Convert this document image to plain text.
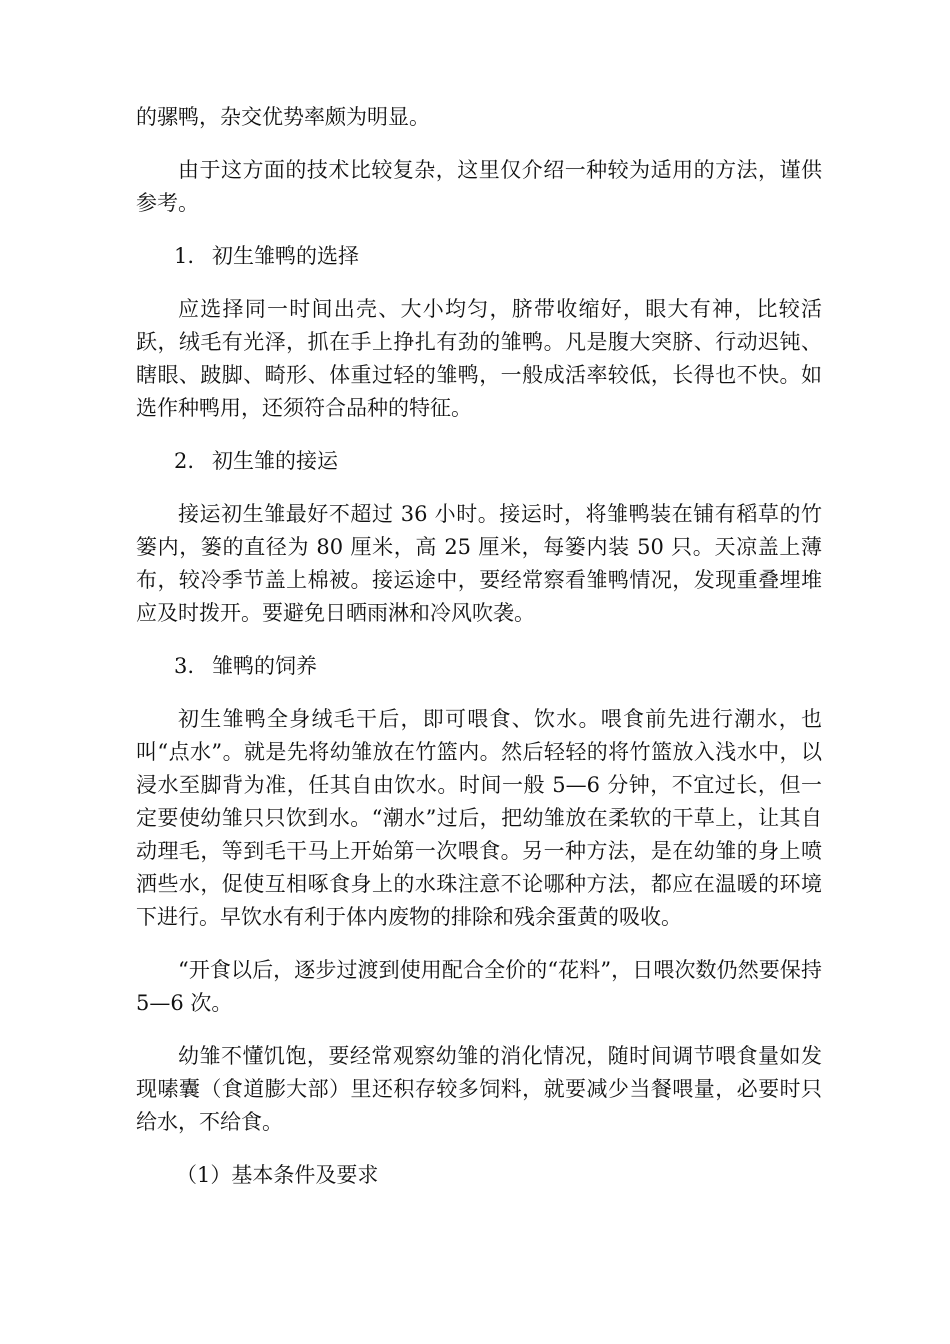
的骡鸭，杂交优势率颇为明显。

由于这方面的技术比较复杂，这里仅介绍一种较为适用的方法，谨供参考。

1. 初生雏鸭的选择

应选择同一时间出壳、大小均匀，脐带收缩好，眼大有神，比较活跃，绒毛有光泽，抓在手上挣扎有劲的雏鸭。凡是腹大突脐、行动迟钝、瞎眼、跛脚、畸形、体重过轻的雏鸭，一般成活率较低，长得也不快。如选作种鸭用，还须符合品种的特征。

2. 初生雏的接运

接运初生雏最好不超过 36 小时。接运时，将雏鸭装在铺有稻草的竹篓内，篓的直径为 80 厘米，高 25 厘米，每篓内装 50 只。天凉盖上薄布，较冷季节盖上棉被。接运途中，要经常察看雏鸭情况，发现重叠埋堆应及时拨开。要避免日晒雨淋和冷风吹袭。

3. 雏鸭的饲养

初生雏鸭全身绒毛干后，即可喂食、饮水。喂食前先进行潮水，也叫“点水”。就是先将幼雏放在竹篮内。然后轻轻的将竹篮放入浅水中，以浸水至脚背为准，任其自由饮水。时间一般 5—6 分钟，不宜过长，但一定要使幼雏只只饮到水。“潮水”过后，把幼雏放在柔软的干草上，让其自动理毛，等到毛干马上开始第一次喂食。另一种方法，是在幼雏的身上喷洒些水，促使互相啄食身上的水珠注意不论哪种方法，都应在温暖的环境下进行。早饮水有利于体内废物的排除和残余蛋黄的吸收。

“开食以后，逐步过渡到使用配合全价的“花料”，日喂次数仍然要保持 5—6 次。

幼雏不懂饥饱，要经常观察幼雏的消化情况，随时间调节喂食量如发现嗉囊（食道膨大部）里还积存较多饲料，就要减少当餐喂量，必要时只给水，不给食。

（1）基本条件及要求
